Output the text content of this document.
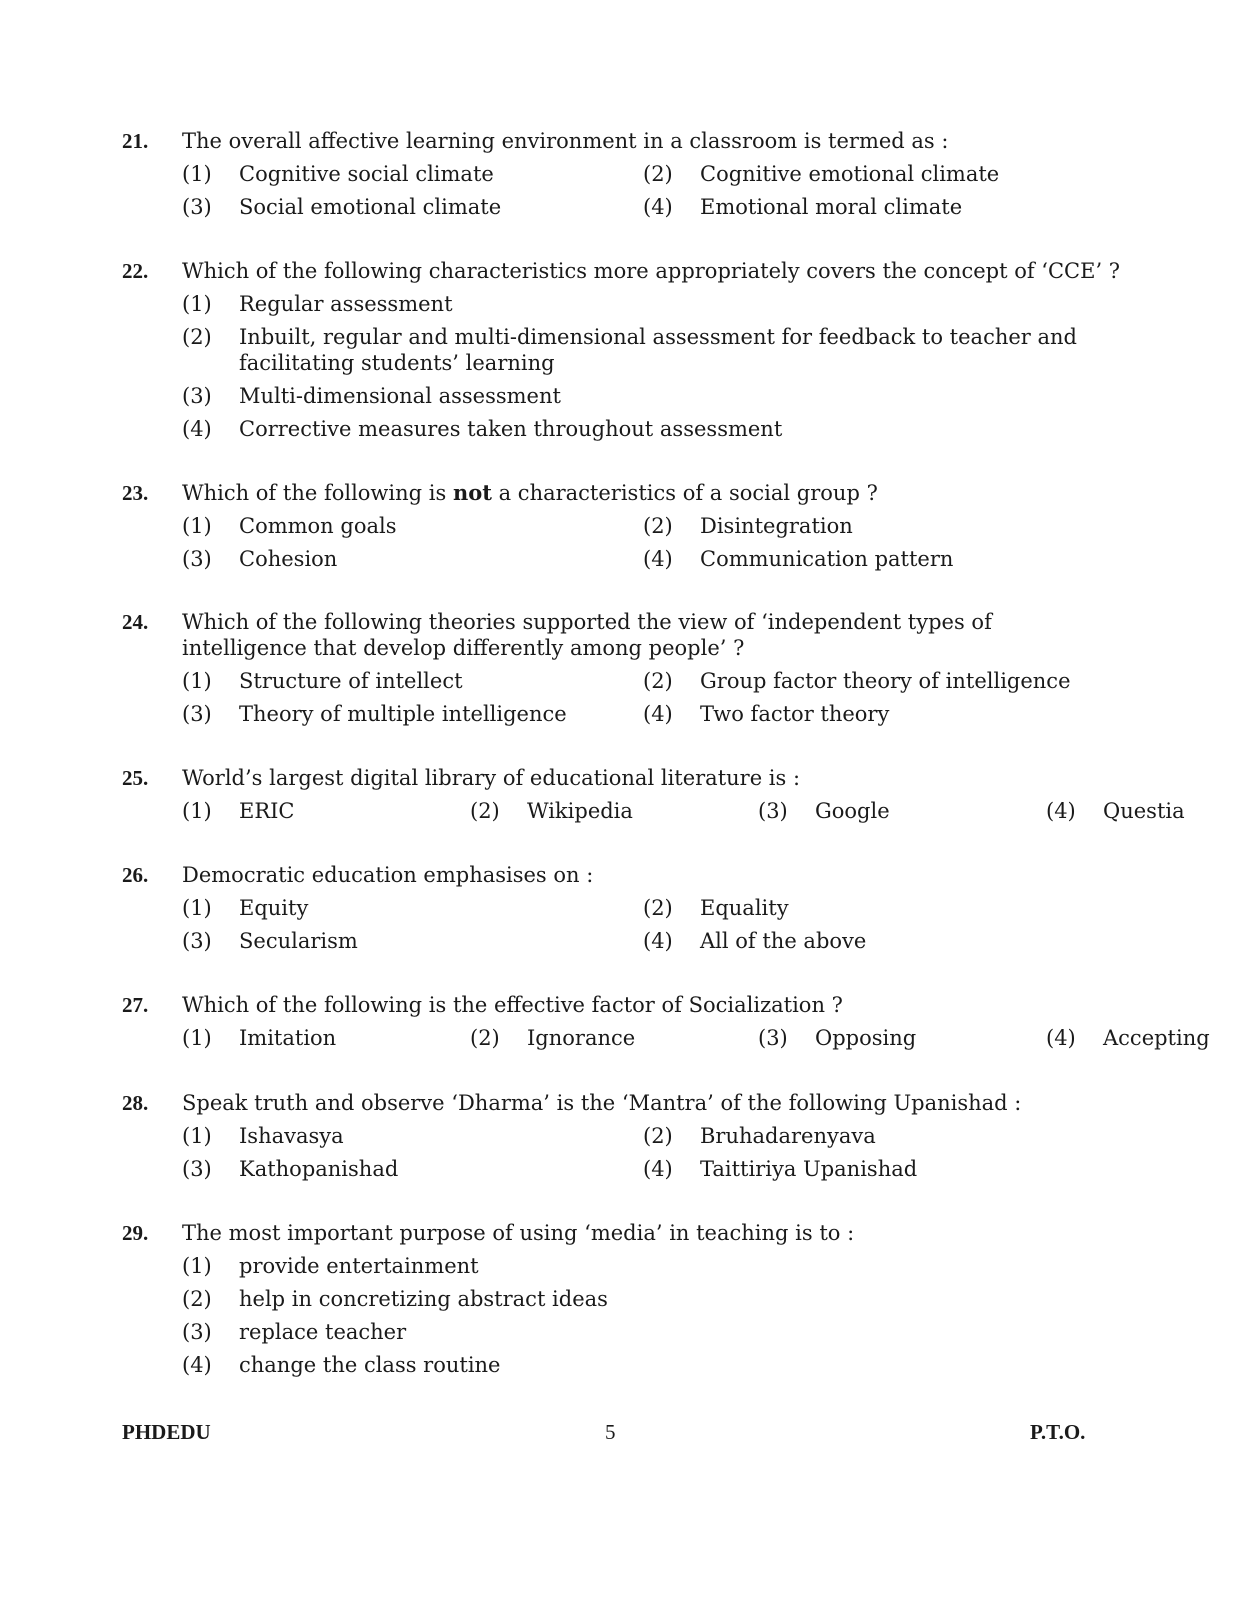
21. The overall affective learning environment in a classroom is termed as :
(1) Cognitive social climate	(2) Cognitive emotional climate
(3) Social emotional climate	(4) Emotional moral climate
22. Which of the following characteristics more appropriately covers the concept of ‘CCE’ ?
(1) Regular assessment
(2) Inbuilt, regular and multi-dimensional assessment for feedback to teacher and facilitating students’ learning
(3) Multi-dimensional assessment
(4) Corrective measures taken throughout assessment
23. Which of the following is not a characteristics of a social group ?
(1) Common goals	(2) Disintegration
(3) Cohesion	(4) Communication pattern
24. Which of the following theories supported the view of ‘independent types of intelligence that develop differently among people’ ?
(1) Structure of intellect	(2) Group factor theory of intelligence
(3) Theory of multiple intelligence	(4) Two factor theory
25. World’s largest digital library of educational literature is :
(1) ERIC	(2) Wikipedia	(3) Google	(4) Questia
26. Democratic education emphasises on :
(1) Equity	(2) Equality
(3) Secularism	(4) All of the above
27. Which of the following is the effective factor of Socialization ?
(1) Imitation	(2) Ignorance	(3) Opposing	(4) Accepting
28. Speak truth and observe ‘Dharma’ is the ‘Mantra’ of the following Upanishad :
(1) Ishavasya	(2) Bruhadarenyava
(3) Kathopanishad	(4) Taittiriya Upanishad
29. The most important purpose of using ‘media’ in teaching is to :
(1) provide entertainment
(2) help in concretizing abstract ideas
(3) replace teacher
(4) change the class routine
PHDEDU	5	P.T.O.
